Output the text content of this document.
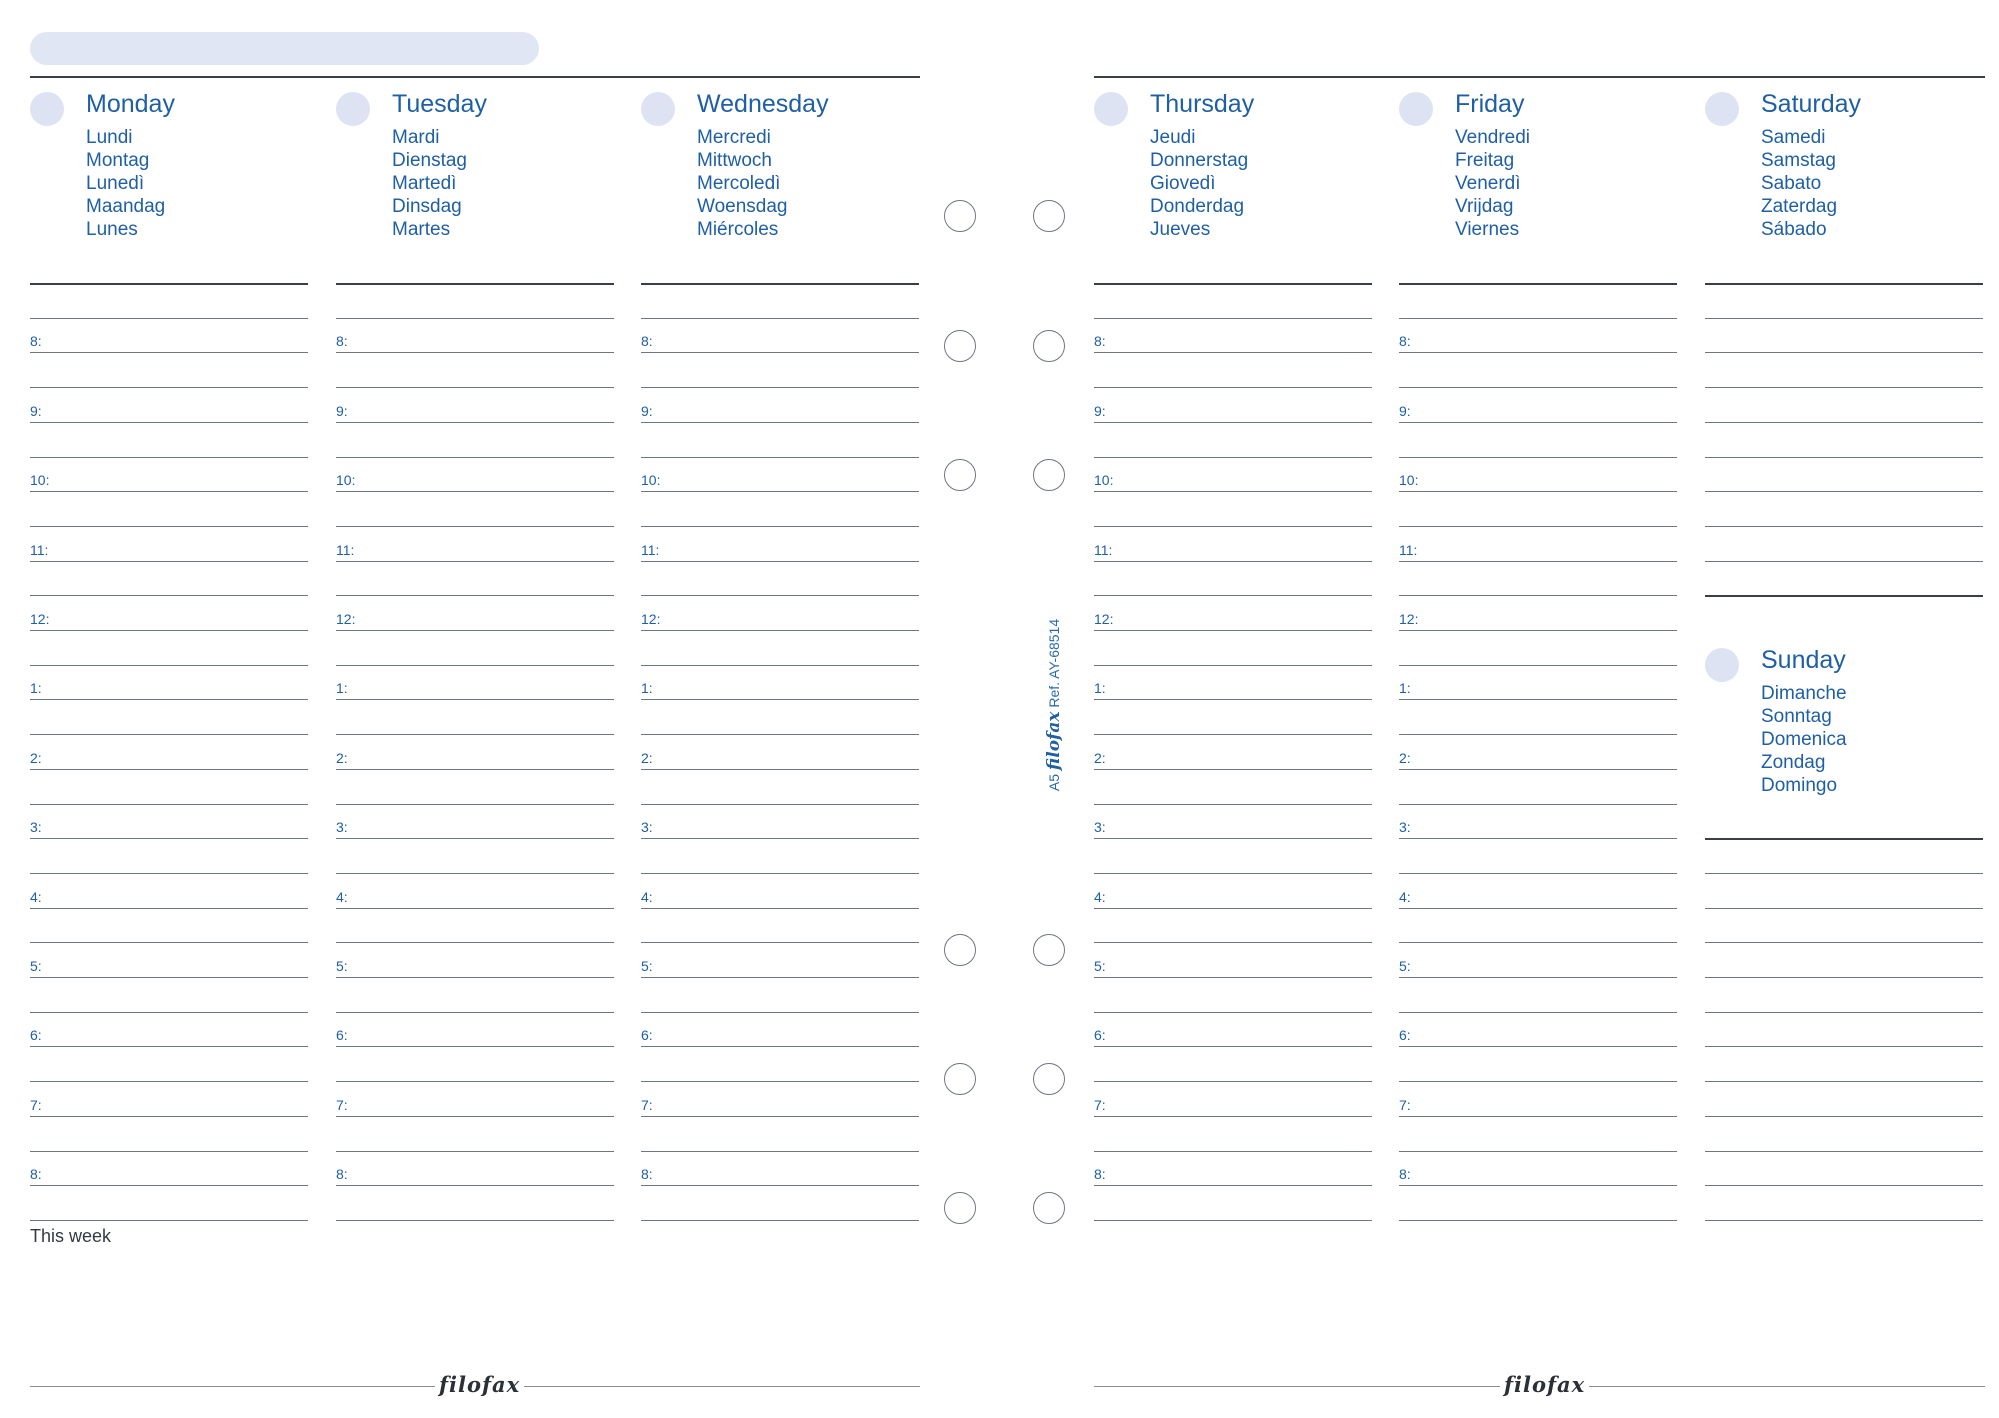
This week
filofax	filofax
A5 filofax Ref. AY-68514
Monday
Lundi
Montag
Lunedì
Maandag
Lunes
8:
9:
10:
11:
12:
1:
2:
3:
4:
5:
6:
7:
8:
Tuesday
Mardi
Dienstag
Martedì
Dinsdag
Martes
8:
9:
10:
11:
12:
1:
2:
3:
4:
5:
6:
7:
8:
Wednesday
Mercredi
Mittwoch
Mercoledì
Woensdag
Miércoles
8:
9:
10:
11:
12:
1:
2:
3:
4:
5:
6:
7:
8:
Thursday
Jeudi
Donnerstag
Giovedì
Donderdag
Jueves
8:
9:
10:
11:
12:
1:
2:
3:
4:
5:
6:
7:
8:
Friday
Vendredi
Freitag
Venerdì
Vrijdag
Viernes
8:
9:
10:
11:
12:
1:
2:
3:
4:
5:
6:
7:
8:
Saturday
Samedi
Samstag
Sabato
Zaterdag
Sábado
Sunday
Dimanche
Sonntag
Domenica
Zondag
Domingo
